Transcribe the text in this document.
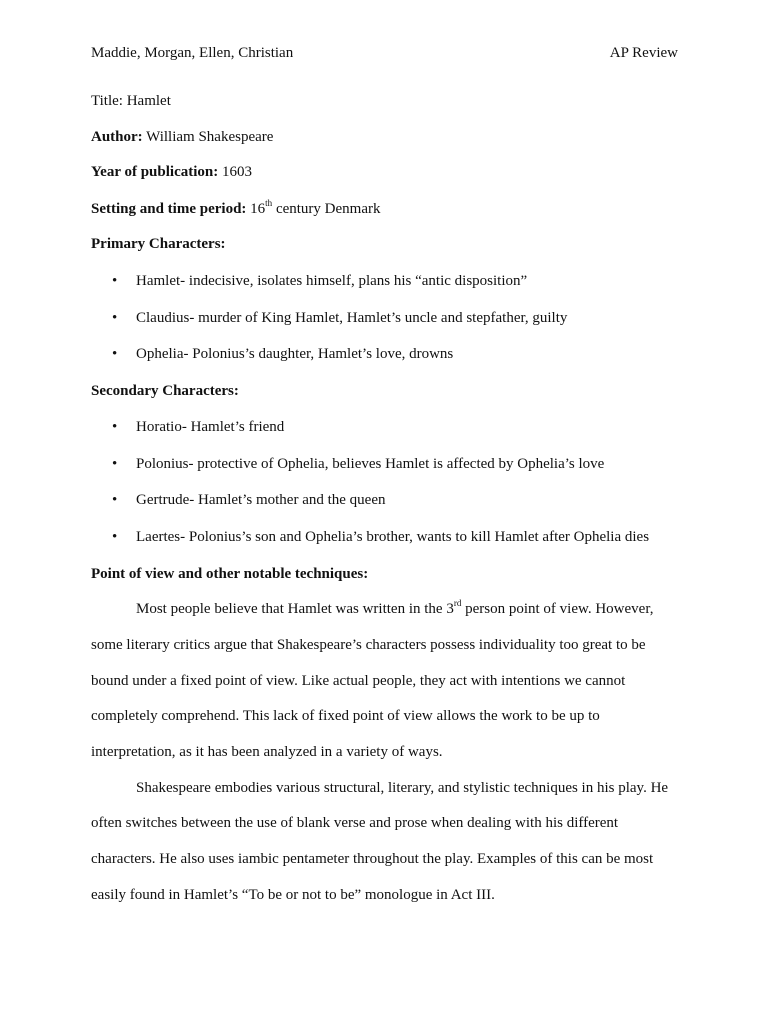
Maddie, Morgan, Ellen, Christian	AP Review
Title: Hamlet
Author: William Shakespeare
Year of publication: 1603
Setting and time period: 16th century Denmark
Primary Characters:
• Hamlet- indecisive, isolates himself, plans his “antic disposition”
• Claudius- murder of King Hamlet, Hamlet’s uncle and stepfather, guilty
• Ophelia- Polonius’s daughter, Hamlet’s love, drowns
Secondary Characters:
• Horatio- Hamlet’s friend
• Polonius- protective of Ophelia, believes Hamlet is affected by Ophelia’s love
• Gertrude- Hamlet’s mother and the queen
• Laertes- Polonius’s son and Ophelia’s brother, wants to kill Hamlet after Ophelia dies
Point of view and other notable techniques:
Most people believe that Hamlet was written in the 3rd person point of view. However,
some literary critics argue that Shakespeare’s characters possess individuality too great to be
bound under a fixed point of view. Like actual people, they act with intentions we cannot
completely comprehend. This lack of fixed point of view allows the work to be up to
interpretation, as it has been analyzed in a variety of ways.
Shakespeare embodies various structural, literary, and stylistic techniques in his play. He
often switches between the use of blank verse and prose when dealing with his different
characters. He also uses iambic pentameter throughout the play. Examples of this can be most
easily found in Hamlet’s “To be or not to be” monologue in Act III.
